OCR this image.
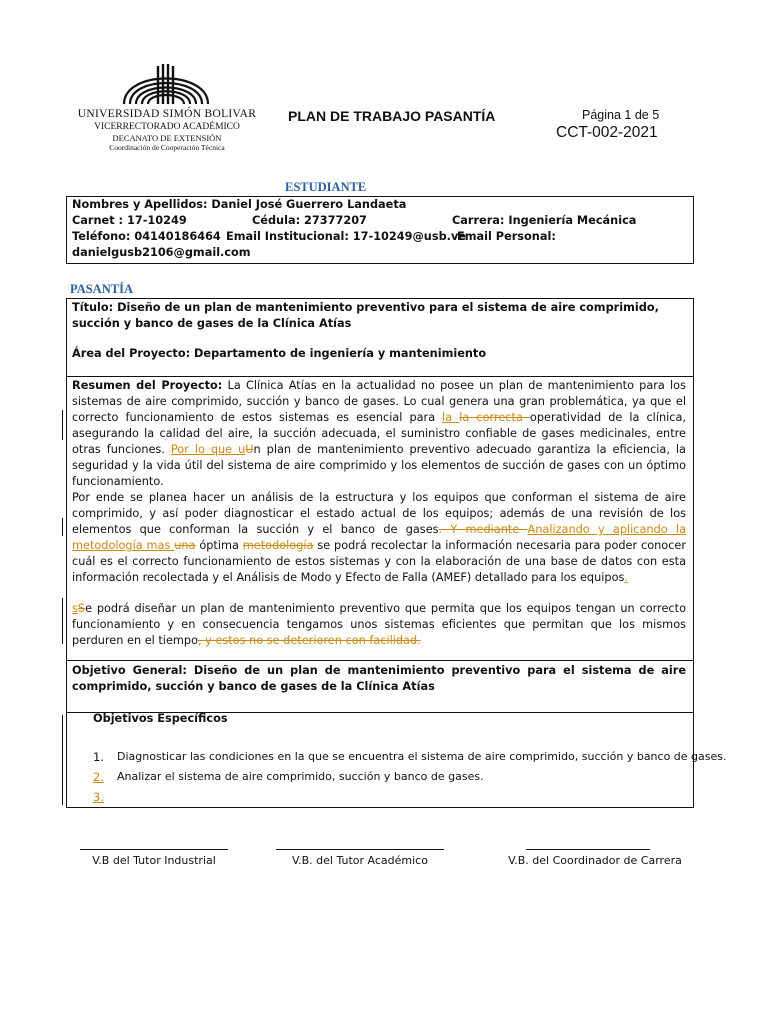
UNIVERSIDAD SIMÓN BOLIVAR
VICERRECTORADO ACADÉMICO
DECANATO DE EXTENSIÓN
Coordinación de Cooperación Técnica
PLAN DE TRABAJO PASANTÍA	Página 1 de 5
CCT-002-2021
ESTUDIANTE
Nombres y Apellidos: Daniel José Guerrero Landaeta
Carnet : 17-10249	Cédula: 27377207	Carrera: Ingeniería Mecánica
Teléfono: 04140186464 Email Institucional: 17-10249@usb.ve
Email Personal:
danielgusb2106@gmail.com
PASANTÍA
Título: Diseño de un plan de mantenimiento preventivo para el sistema de aire comprimido, succión y banco de gases de la Clínica Atías
Área del Proyecto: Departamento de ingeniería y mantenimiento
Resumen del Proyecto: La Clínica Atías en la actualidad no posee un plan de mantenimiento para los sistemas de aire comprimido, succión y banco de gases. Lo cual genera una gran problemática, ya que el correcto funcionamiento de estos sistemas es esencial para la la correcta operatividad de la clínica, asegurando la calidad del aire, la succión adecuada, el suministro confiable de gases medicinales, entre otras funciones. Por lo que uUn plan de mantenimiento preventivo adecuado garantiza la eficiencia, la seguridad y la vida útil del sistema de aire comprimido y los elementos de succión de gases con un óptimo funcionamiento.
Por ende se planea hacer un análisis de la estructura y los equipos que conforman el sistema de aire comprimido, y así poder diagnosticar el estado actual de los equipos; además de una revisión de los elementos que conforman la succión y el banco de gases. Y mediante Analizando y aplicando la metodología mas una óptima metodología se podrá recolectar la información necesaria para poder conocer cuál es el correcto funcionamiento de estos sistemas y con la elaboración de una base de datos con esta información recolectada y el Análisis de Modo y Efecto de Falla (AMEF) detallado para los equipos.
sSe podrá diseñar un plan de mantenimiento preventivo que permita que los equipos tengan un correcto funcionamiento y en consecuencia tengamos unos sistemas eficientes que permitan que los mismos perduren en el tiempo, y estos no se deterioren con facilidad.
Objetivo General: Diseño de un plan de mantenimiento preventivo para el sistema de aire comprimido, succión y banco de gases de la Clínica Atías
Objetivos Específicos
1. Diagnosticar las condiciones en la que se encuentra el sistema de aire comprimido, succión y banco de gases.
2.	Analizar el sistema de aire comprimido, succión y banco de gases.
3.
V.B del Tutor Industrial	V.B. del Tutor Académico	V.B. del Coordinador de Carrera
